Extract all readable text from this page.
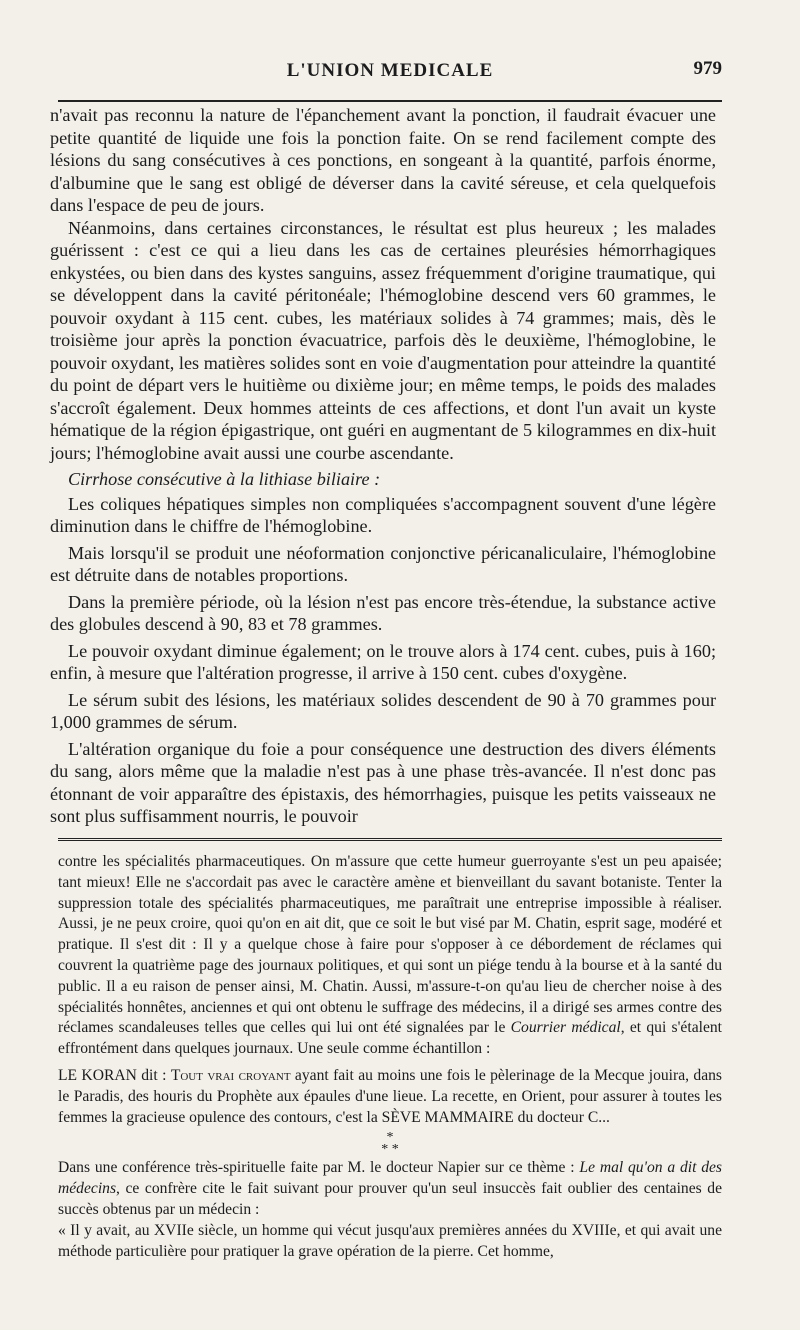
L'UNION MEDICALE	979

n'avait pas reconnu la nature de l'épanchement avant la ponction, il faudrait évacuer une petite quantité de liquide une fois la ponction faite. On se rend facilement compte des lésions du sang consécutives à ces ponctions, en songeant à la quantité, parfois énorme, d'albumine que le sang est obligé de déverser dans la cavité séreuse, et cela quelquefois dans l'espace de peu de jours.

Néanmoins, dans certaines circonstances, le résultat est plus heureux ; les malades guérissent : c'est ce qui a lieu dans les cas de certaines pleurésies hémorrhagiques enkystées, ou bien dans des kystes sanguins, assez fréquemment d'origine traumatique, qui se développent dans la cavité péritonéale; l'hémoglobine descend vers 60 grammes, le pouvoir oxydant à 115 cent. cubes, les matériaux solides à 74 grammes; mais, dès le troisième jour après la ponction évacuatrice, parfois dès le deuxième, l'hémoglobine, le pouvoir oxydant, les matières solides sont en voie d'augmentation pour atteindre la quantité du point de départ vers le huitième ou dixième jour; en même temps, le poids des malades s'accroît également. Deux hommes atteints de ces affections, et dont l'un avait un kyste hématique de la région épigastrique, ont guéri en augmentant de 5 kilogrammes en dix-huit jours; l'hémoglobine avait aussi une courbe ascendante.

Cirrhose consécutive à la lithiase biliaire :

Les coliques hépatiques simples non compliquées s'accompagnent souvent d'une légère diminution dans le chiffre de l'hémoglobine.

Mais lorsqu'il se produit une néoformation conjonctive péricanaliculaire, l'hémoglobine est détruite dans de notables proportions.

Dans la première période, où la lésion n'est pas encore très-étendue, la substance active des globules descend à 90, 83 et 78 grammes.

Le pouvoir oxydant diminue également; on le trouve alors à 174 cent. cubes, puis à 160; enfin, à mesure que l'altération progresse, il arrive à 150 cent. cubes d'oxygène.

Le sérum subit des lésions, les matériaux solides descendent de 90 à 70 grammes pour 1,000 grammes de sérum.

L'altération organique du foie a pour conséquence une destruction des divers éléments du sang, alors même que la maladie n'est pas à une phase très-avancée. Il n'est donc pas étonnant de voir apparaître des épistaxis, des hémorrhagies, puisque les petits vaisseaux ne sont plus suffisamment nourris, le pouvoir

contre les spécialités pharmaceutiques. On m'assure que cette humeur guerroyante s'est un peu apaisée; tant mieux! Elle ne s'accordait pas avec le caractère amène et bienveillant du savant botaniste. Tenter la suppression totale des spécialités pharmaceutiques, me paraîtrait une entreprise impossible à réaliser. Aussi, je ne peux croire, quoi qu'on en ait dit, que ce soit le but visé par M. Chatin, esprit sage, modéré et pratique. Il s'est dit : Il y a quelque chose à faire pour s'opposer à ce débordement de réclames qui couvrent la quatrième page des journaux politiques, et qui sont un piége tendu à la bourse et à la santé du public. Il a eu raison de penser ainsi, M. Chatin. Aussi, m'assure-t-on qu'au lieu de chercher noise à des spécialités honnêtes, anciennes et qui ont obtenu le suffrage des médecins, il a dirigé ses armes contre des réclames scandaleuses telles que celles qui lui ont été signalées par le Courrier médical, et qui s'étalent effrontément dans quelques journaux. Une seule comme échantillon :

LE KORAN dit : Tout vrai croyant ayant fait au moins une fois le pèlerinage de la Mecque jouira, dans le Paradis, des houris du Prophète aux épaules d'une lieue. La recette, en Orient, pour assurer à toutes les femmes la gracieuse opulence des contours, c'est la SÈVE MAMMAIRE du docteur C...

*
* *

Dans une conférence très-spirituelle faite par M. le docteur Napier sur ce thème : Le mal qu'on a dit des médecins, ce confrère cite le fait suivant pour prouver qu'un seul insuccès fait oublier des centaines de succès obtenus par un médecin :

« Il y avait, au XVIIe siècle, un homme qui vécut jusqu'aux premières années du XVIIIe, et qui avait une méthode particulière pour pratiquer la grave opération de la pierre. Cet homme,
